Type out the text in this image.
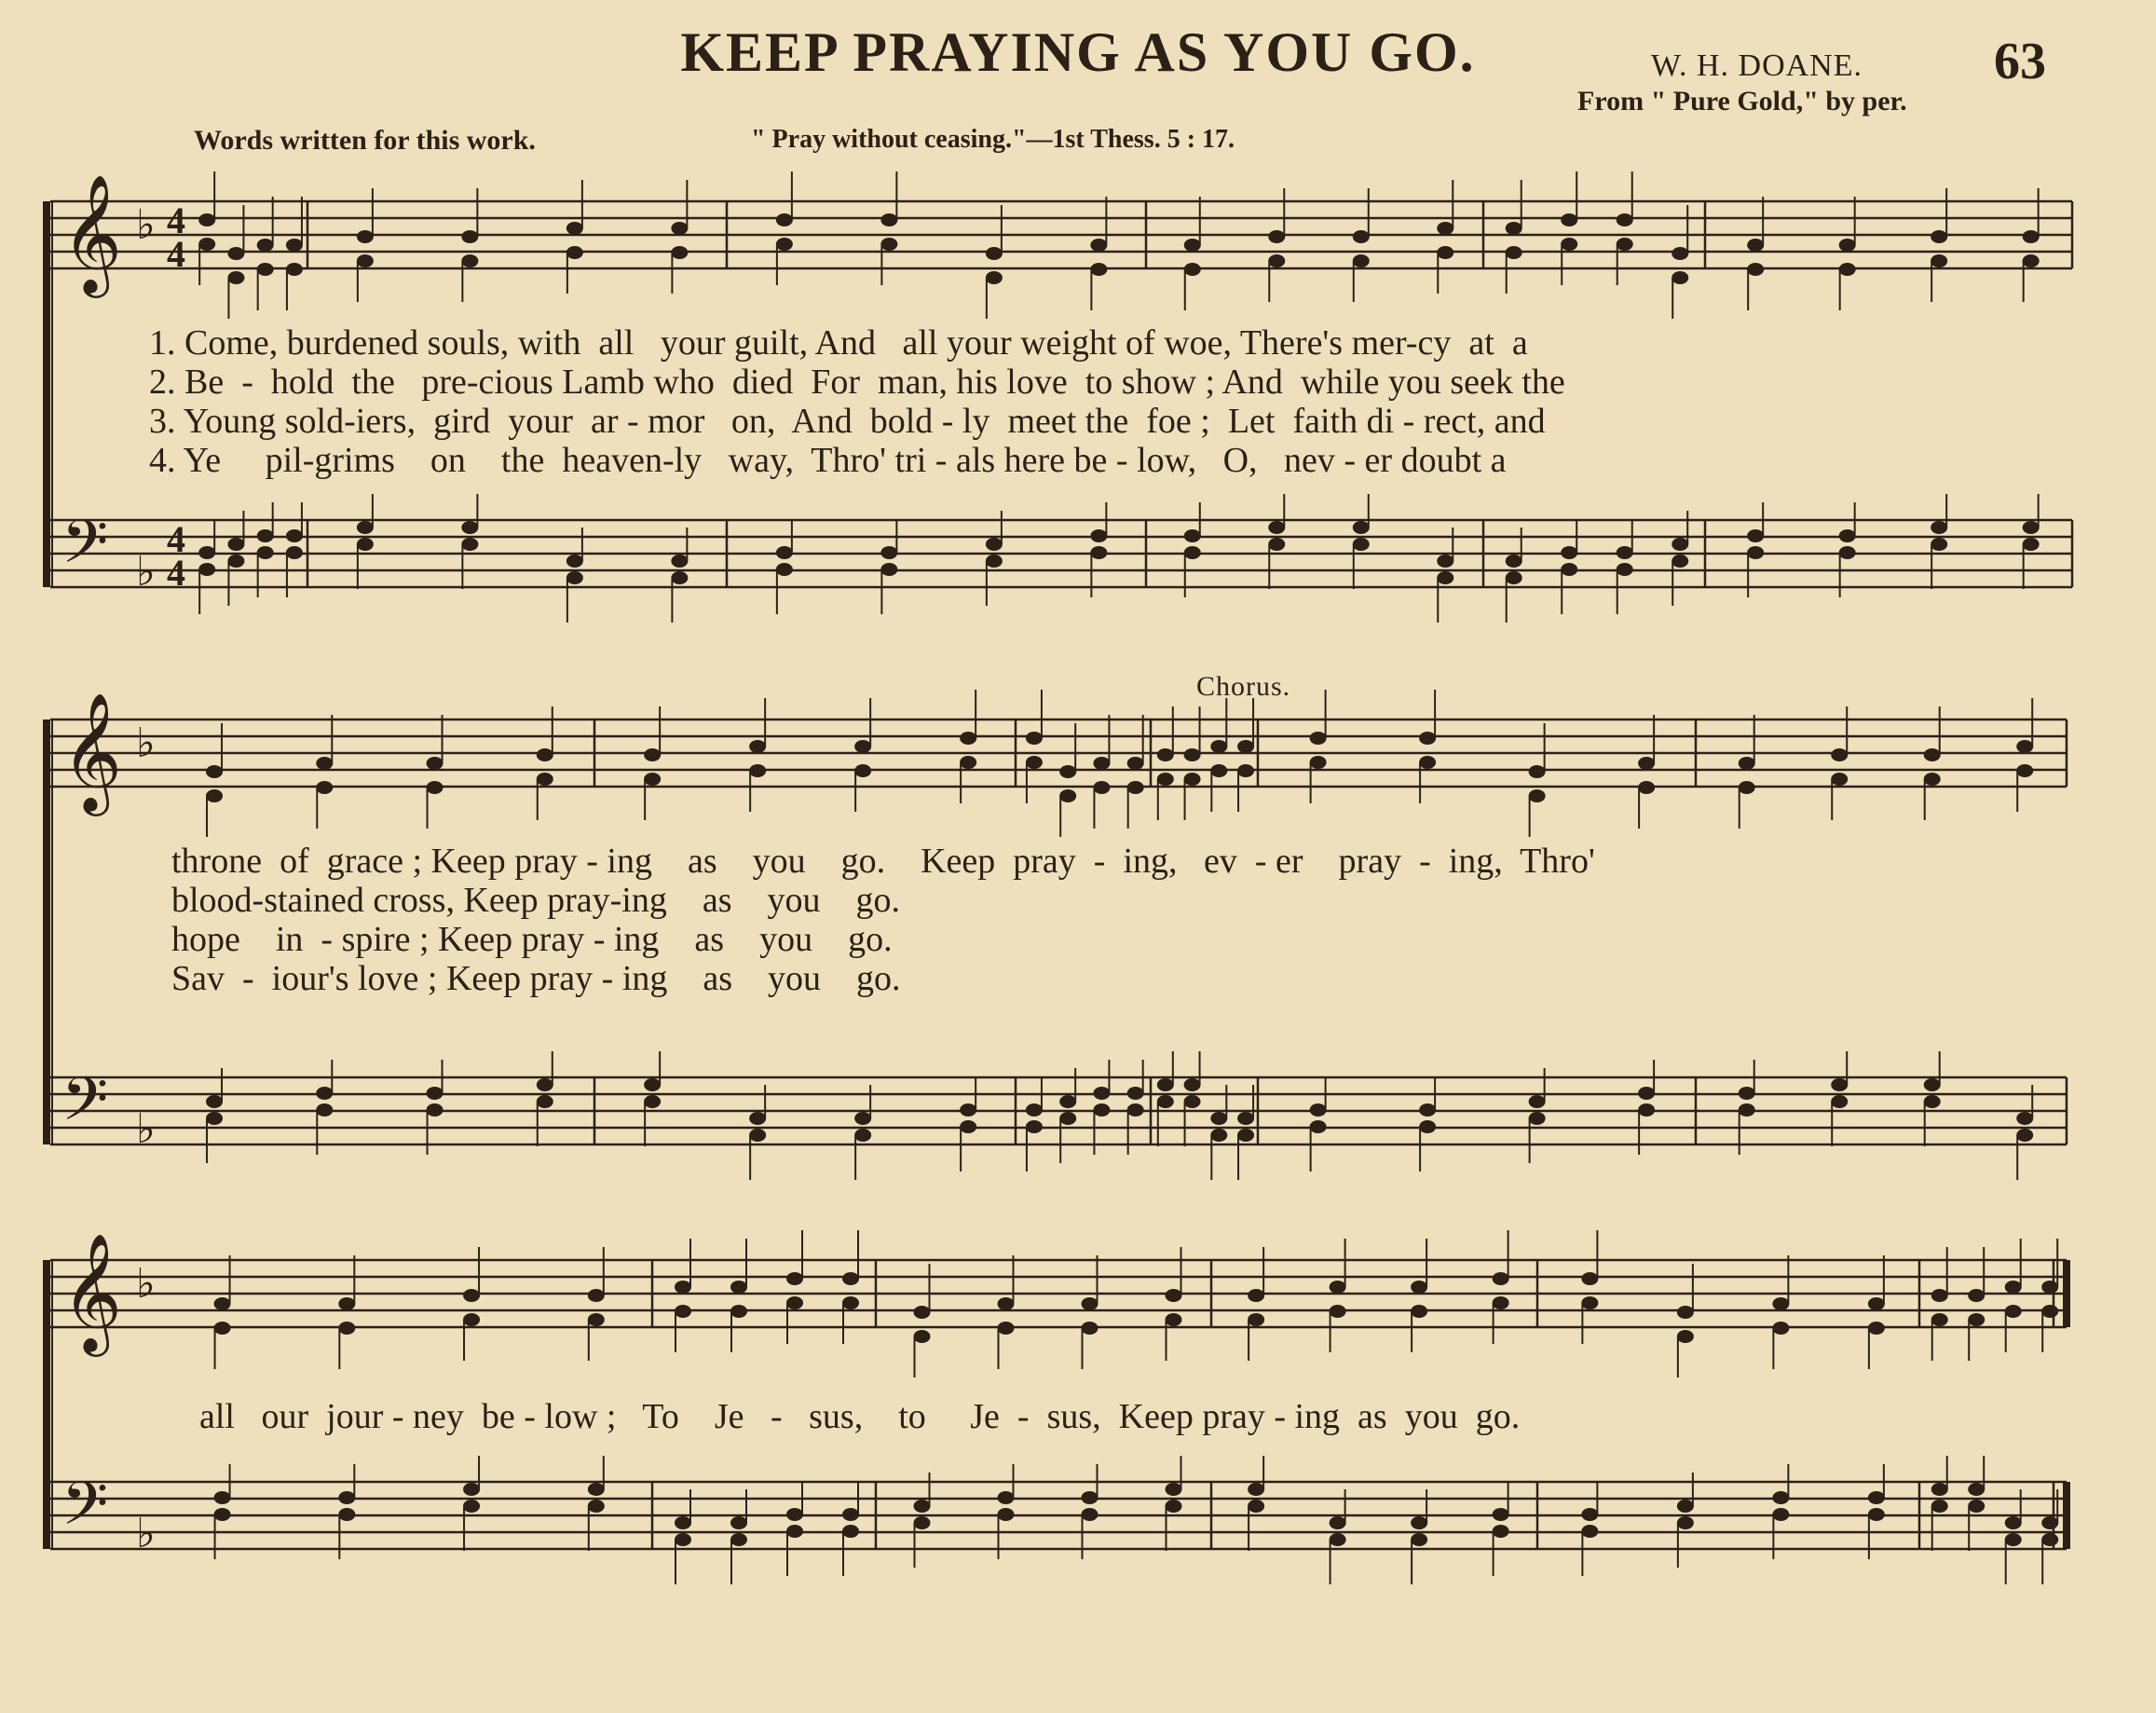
KEEP PRAYING AS YOU GO.	W. H. DOANE.	63
From " Pure Gold," by per.
Words written for this work.	" Pray without ceasing."—1st Thess. 5 : 17.
Chorus.
𝄞 ♭ 4
4
𝄢 ♭
4
4
𝄞 ♭
𝄢 ♭
𝄞 ♭
𝄢 ♭
1. Come, burdened souls, with  all   your guilt, And   all your weight of woe, There's mer-cy  at  a
2. Be  -  hold  the   pre-cious Lamb who  died  For  man, his love  to show ; And  while you seek the
3. Young sold-iers,  gird  your  ar - mor   on,  And  bold - ly  meet the  foe ;  Let  faith di - rect, and
4. Ye     pil-grims    on    the  heaven-ly   way,  Thro' tri - als here be - low,   O,   nev - er doubt a
throne  of  grace ; Keep pray - ing    as    you    go.    Keep  pray  -  ing,   ev  - er    pray  -  ing,  Thro'
blood-stained cross, Keep pray-ing    as    you    go.
hope    in  - spire ; Keep pray - ing    as    you    go.
Sav  -  iour's love ; Keep pray - ing    as    you    go.
all   our  jour - ney  be - low ;   To    Je   -   sus,    to     Je  -  sus,  Keep pray - ing  as  you  go.
